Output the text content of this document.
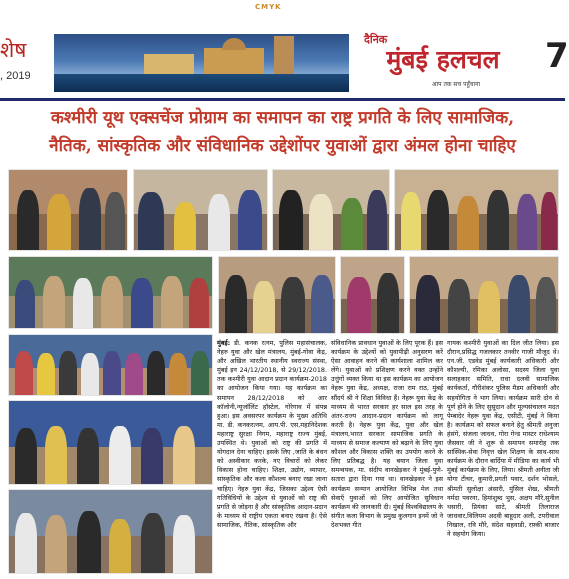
CMYK
शेष
, 2019
दैनिक
मुंबई हलचल
आप तक सच पहुँचाना
7
कश्मीरी यूथ एक्सचेंज प्रोग्राम का समापन का राष्ट्र प्रगति के लिए सामाजिक,
नैतिक, सांस्कृतिक और संविधानिक उद्देशोंपर युवाओं द्वारा अंमल होना चाहिए
मुंबई: डी. कनक रत्नम, पुलिस महासंचालक, नेहरु युवा और खेल मंत्रालय, मुंबई-गोवा केंद्र, और अखिल भारतीय स्थानीय स्वराज्य संस्था, मुंबई इन 24/12/2018, से 29/12/2018. तक कश्मीरी युवा आदान प्रदान कार्यक्रम-2018 का आयोजन किया गया। यह कार्यक्रम का समापन 28/12/2018 को आर कॉलोनी,न्यूजॉलिंट हॉस्टेल, गोरेगाव में संपन्न हुआ। इस अवसरपर कार्यक्रम के मुख्य अतिथि मा. डी. कनकरत्नम, आय.पी. एस,महानिदेशक महाराष्ट्र सुरक्षा निगम, महाराष्ट्र राज्य मुंबई, उपस्थित थे। युवाओं को राष्ट्र की प्रगति में योगदान देना चाहिए। इसके लिए ,जाति के बंधन को अस्वीकार करके, नए विचारों को लेकर विकास होना चाहिए। शिक्षा, उद्योग, व्यापार, सांस्कृतिक और कला कौशल्य बनाए रखा जाना चाहिए। नेहरु युवा केंद्र, जिसका उद्देश्य ऐसी गतिविधियों के उद्देश्य से युवाओं को राष्ट्र की प्रगति से जोड़ना है और सांस्कृतिक आदान-प्रदान के माध्यम से राष्ट्रीय एकता बनाए रखना है। ऐसे सामाजिक, नैतिक, सांस्कृतिक और
संविधानिक प्रावधान युवाओं के लिए पूरक हैं। इस कार्यक्रम के उद्देश्यों को युवापीढ़ी अनुसरण करें ऐसा आवाहन करने की कार्यशाला शामिल कर लेंगे। युवाओं को प्रशिक्षण करने वक्त उन्होंने उत्तुंगों व्यक्त किया था इस कार्यक्रम का आयोजन नेहरू युवा केंद्र, अध्यक्ष, राजा राम राठ, मुंबई सौंदर्य श्री ने शिक्षा विविधा हैं। नेहरू युवा केंद्र के माध्यम से भारत सरकार हर साल इस तरह के अंतर-राज्य आदान-प्रदान कार्यक्रम को लागू करती है। नेहरू युवा केंद्र, युवा और खेल मंत्रालय,भारत सरकार सामाजिक प्रगति के माध्यम से समाज कल्याण को बढ़ाने के लिए युवा कौशल और विकास शक्ति का उपयोग करने के लिए प्रतिबद्ध है। यह बयान जिला युवा समन्वयक, मा. संदीप वानखेड़कर ने मुंबई-पुणे-सतारा द्वारा दिया गया था। वानखेड़कर ने इस कार्यक्रम सन्मान आयोजित विभिन्न मेल तथा सेवाएँ युवाओं को लिए आयोजित सुविधान कार्यक्रम की जानकारी दी। मुंबई विश्वविद्यालय के संगीत कला विभाग के प्रमुख कुलगान इनमें जो ने देशभक्त गीत
गायक कश्मीरी युवाओं का दिल जीत लिया। इस दौरान,प्रसिद्ध गजलकार तनवीर गाजी मौजूद थे। एन.जी. एडवेड मुंबई कार्यकारी अधिकारी और कौशल्यी, रमिका अलोसा, सदस्य जिला युवा सलाहकार समिति, राधा दलवी सामाजिक कार्यकर्ता, गौरीशंकर पुलिस मैडम अधिकारी और सहयोगिता ने भाग लिया। कार्यक्रम सारी दोन से पूर्ण होने के लिए सुसूदान और मूल्यसंचालन मदत पेम्बादेर नेहरू युवा केंद्र, एसीटी, मुंबई ने किया है। कार्यक्रम को सफल बनाने हेतु श्रीमती अनुजा हंसंगे, संजला जाधव, गोरा गेन्ड मास्टर राधेश्याम जैसवार जी ने शुरू से समापन समारोह तक सांस्थिक-सेवा निवृत्त खेल शिक्षण के साथ-साथ कार्यक्रम के दौरान बार्दिया में मीडिया का कार्य भी मुंबई कार्यक्रम के लिए, लिया। श्रीमती अनीता जी योगा टीचर, कुमारी,प्रगती पवार, दर्शन भोसले, श्रीमती सुलोक्षा अंसारी, मुंसिल शेख, श्रीमती नर्मदा पवरना, हिमांशुब्द भुस, अक्षय मौरे,सुनील थसारी, प्रियंका साटे, श्रीमती तिलाराज जाधवार,विलियम अदवी बाहूदार अली, टपरीवाल निखाल, रवि मौरे, संदेश सहवाडी, रफ़्की बाजार ने सहयोग किया।
